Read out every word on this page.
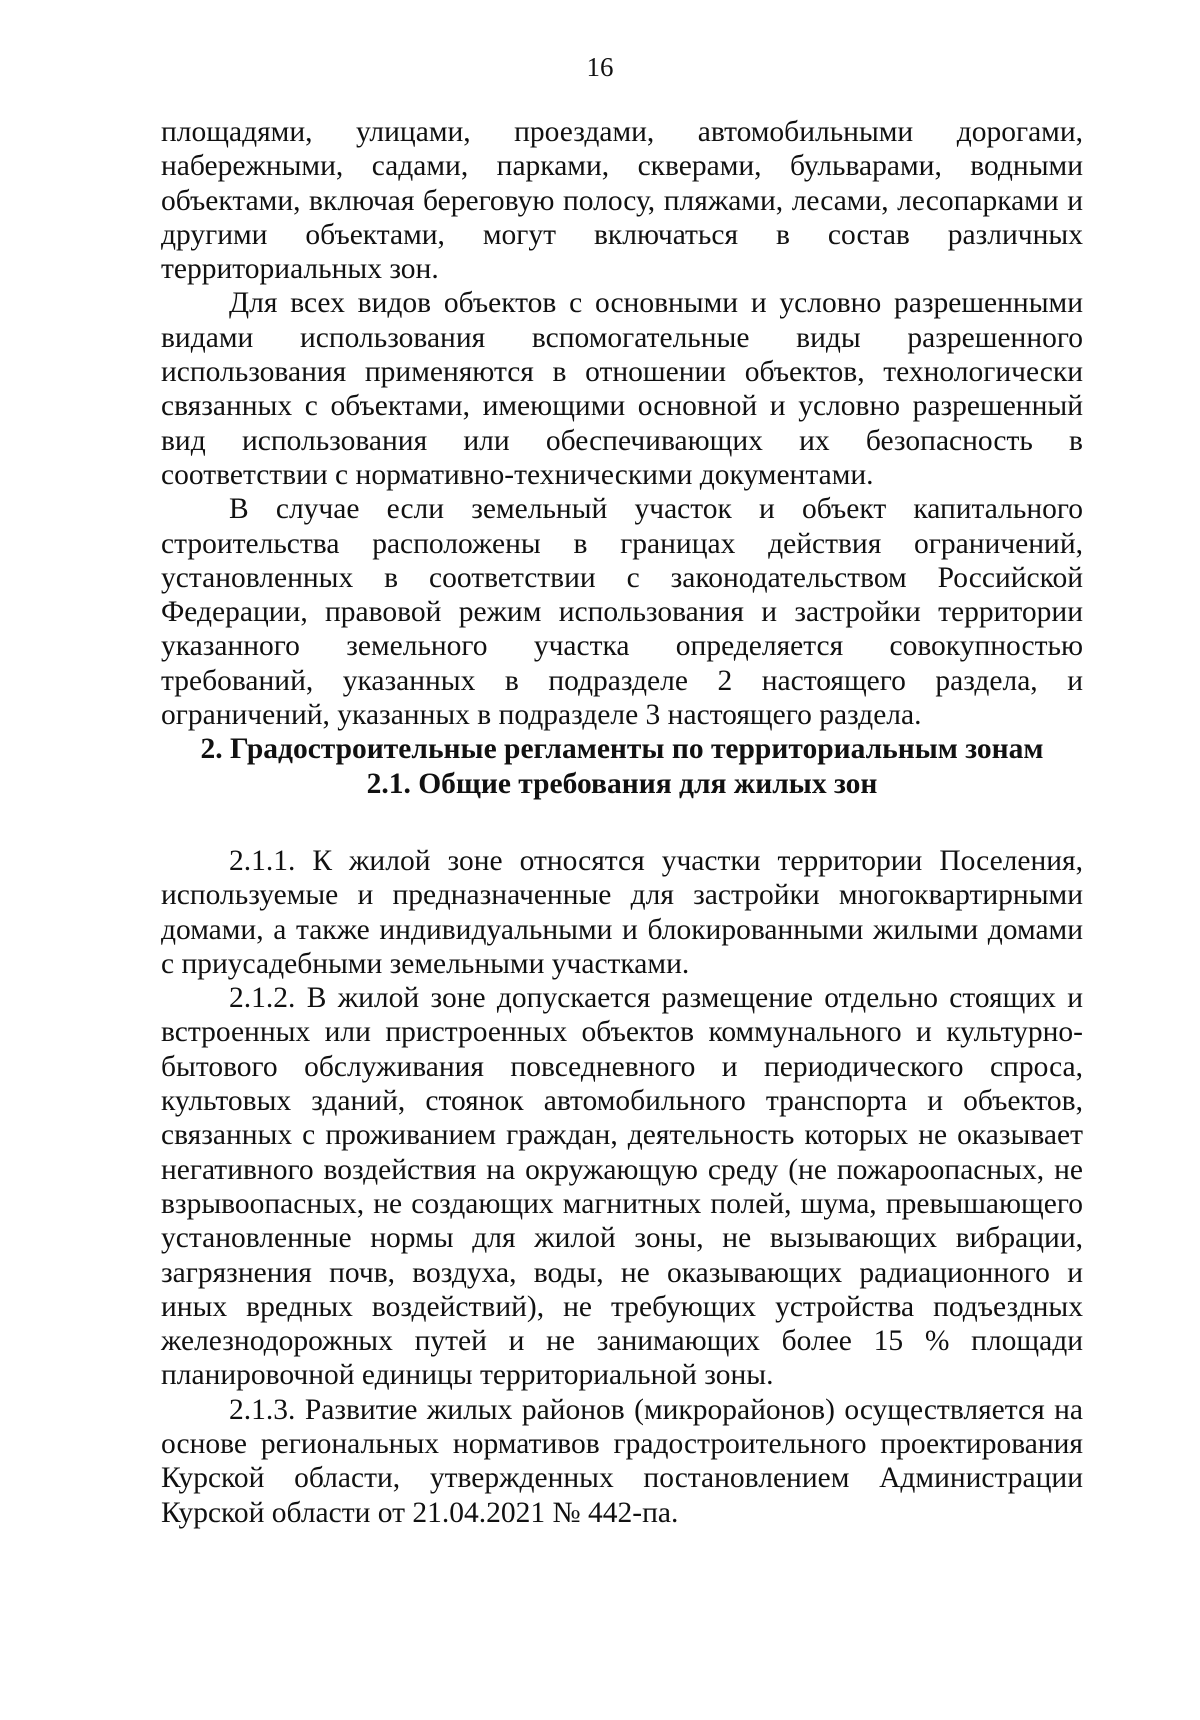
16

площадями, улицами, проездами, автомобильными дорогами, набережными, садами, парками, скверами, бульварами, водными объектами, включая береговую полосу, пляжами, лесами, лесопарками и другими объектами, могут включаться в состав различных территориальных зон.

Для всех видов объектов с основными и условно разрешенными видами использования вспомогательные виды разрешенного использования применяются в отношении объектов, технологически связанных с объектами, имеющими основной и условно разрешенный вид использования или обеспечивающих их безопасность в соответствии с нормативно-техническими документами.

В случае если земельный участок и объект капитального строительства расположены в границах действия ограничений, установленных в соответствии с законодательством Российской Федерации, правовой режим использования и застройки территории указанного земельного участка определяется совокупностью требований, указанных в подразделе 2 настоящего раздела, и ограничений, указанных в подразделе 3 настоящего раздела.

2. Градостроительные регламенты по территориальным зонам

2.1. Общие требования для жилых зон

2.1.1. К жилой зоне относятся участки территории Поселения, используемые и предназначенные для застройки многоквартирными домами, а также индивидуальными и блокированными жилыми домами с приусадебными земельными участками.

2.1.2. В жилой зоне допускается размещение отдельно стоящих и встроенных или пристроенных объектов коммунального и культурно-бытового обслуживания повседневного и периодического спроса, культовых зданий, стоянок автомобильного транспорта и объектов, связанных с проживанием граждан, деятельность которых не оказывает негативного воздействия на окружающую среду (не пожароопасных, не взрывоопасных, не создающих магнитных полей, шума, превышающего установленные нормы для жилой зоны, не вызывающих вибрации, загрязнения почв, воздуха, воды, не оказывающих радиационного и иных вредных воздействий), не требующих устройства подъездных железнодорожных путей и не занимающих более 15 % площади планировочной единицы территориальной зоны.

2.1.3. Развитие жилых районов (микрорайонов) осуществляется на основе региональных нормативов градостроительного проектирования Курской области, утвержденных постановлением Администрации Курской области от 21.04.2021 № 442-па.
